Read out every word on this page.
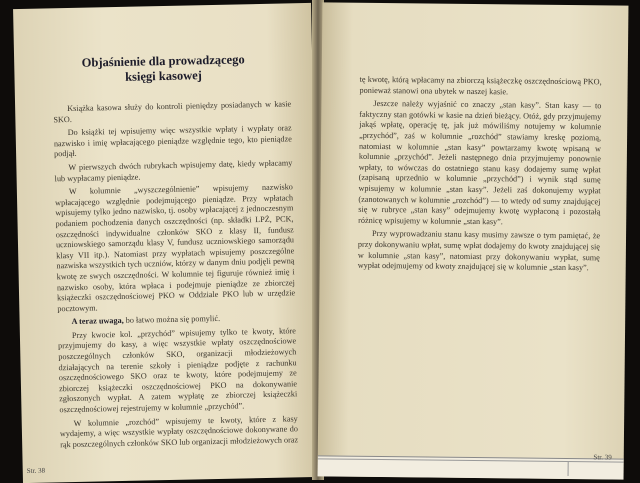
Objaśnienie dla prowadzącego
księgi kasowej

Książka kasowa służy do kontroli pieniędzy posiadanych w kasie SKO.

Do książki tej wpisujemy więc wszystkie wpłaty i wypłaty oraz nazwisko i imię wpłacającego pieniądze względnie tego, kto pieniądze podjął.

W pierwszych dwóch rubrykach wpisujemy datę, kiedy wpłacamy lub wypłacamy pieniądze.

W kolumnie „wyszczególnienie” wpisujemy nazwisko wpłacającego względnie podejmującego pieniądze. Przy wpłatach wpisujemy tylko jedno nazwisko, tj. osoby wpłacającej z jednoczesnym podaniem pochodzenia danych oszczędności (np. składki LPŻ, PCK, oszczędności indywidualne członków SKO z klasy II, fundusz uczniowskiego samorządu klasy V, fundusz uczniowskiego samorządu klasy VII itp.). Natomiast przy wypłatach wpisujemy poszczególne nazwiska wszystkich tych uczniów, którzy w danym dniu podjęli pewną kwotę ze swych oszczędności. W kolumnie tej figuruje również imię i nazwisko osoby, która wpłaca i podejmuje pieniądze ze zbiorczej książeczki oszczędnościowej PKO w Oddziale PKO lub w urzędzie pocztowym.

A teraz uwaga, bo łatwo można się pomylić.

Przy kwocie kol. „przychód” wpisujemy tylko te kwoty, które przyjmujemy do kasy, a więc wszystkie wpłaty oszczędnościowe poszczególnych członków SKO, organizacji młodzieżowych działających na terenie szkoły i pieniądze podjęte z rachunku oszczędnościowego SKO oraz te kwoty, które podejmujemy ze zbiorczej książeczki oszczędnościowej PKO na dokonywanie zgłoszonych wypłat. A zatem wypłatę ze zbiorczej książeczki oszczędnościowej rejestrujemy w kolumnie „przychód”.

W kolumnie „rozchód” wpisujemy te kwoty, które z kasy wydajemy, a więc wszystkie wypłaty oszczędnościowe dokonywane do rąk poszczególnych członków SKO lub organizacji młodzieżowych oraz

Str. 38

tę kwotę, którą wpłacamy na zbiorczą książeczkę oszczędnościową PKO, ponieważ stanowi ona ubytek w naszej kasie.

Jeszcze należy wyjaśnić co znaczy „stan kasy”. Stan kasy — to faktyczny stan gotówki w kasie na dzień bieżący. Otóż, gdy przyjmujemy jakąś wpłatę, operację tę, jak już mówiliśmy notujemy w kolumnie „przychód”, zaś w kolumnie „rozchód” stawiamy kreskę poziomą, natomiast w kolumnie „stan kasy” powtarzamy kwotę wpisaną w kolumnie „przychód”. Jeżeli następnego dnia przyjmujemy ponownie wpłaty, to wówczas do ostatniego stanu kasy dodajemy sumę wpłat (zapisaną uprzednio w kolumnie „przychód”) i wynik stąd sumę wpisujemy w kolumnie „stan kasy”. Jeżeli zaś dokonujemy wypłat (zanotowanych w kolumnie „rozchód”) — to wtedy od sumy znajdującej się w rubryce „stan kasy” odejmujemy kwotę wypłaconą i pozostałą różnicę wpisujemy w kolumnie „stan kasy”.

Przy wyprowadzaniu stanu kasy musimy zawsze o tym pamiętać, że przy dokonywaniu wpłat, sumę wpłat dodajemy do kwoty znajdującej się w kolumnie „stan kasy”, natomiast przy dokonywaniu wypłat, sumę wypłat odejmujemy od kwoty znajdującej się w kolumnie „stan kasy”.

Str. 39
